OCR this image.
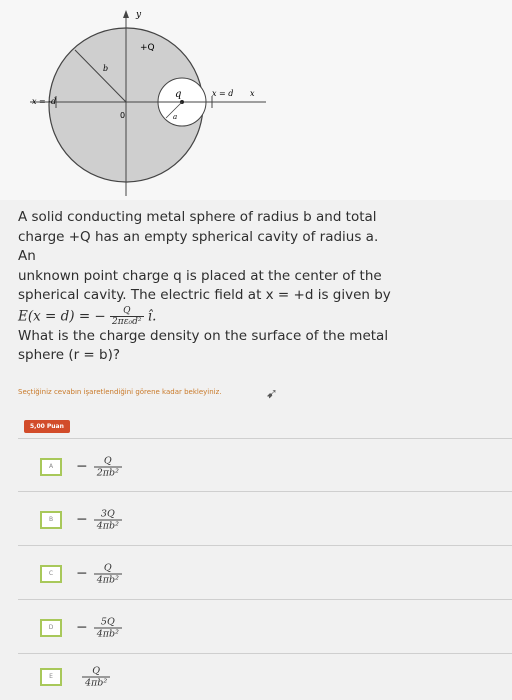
+Q
y
b
0
x = -d
x = d x
q
a
A solid conducting metal sphere of radius b and total
charge +Q has an empty spherical cavity of radius a. An
unknown point charge q is placed at the center of the
spherical cavity. The electric field at x = +d is given by
E(x = d) = − $\frac{Q}{\text{2πε₀d²}}$ î.
What is the charge density on the surface of the metal
sphere (r = b)?
Seçtiğiniz cevabın işaretlendiğini görene kadar bekleyiniz.	➹
5,00 Puan
A	− $\frac{Q}{\text{2πb²}}$
B	− $\frac{3Q}{\text{4πb²}}$
C	− $\frac{Q}{\text{4πb²}}$
D	− $\frac{5Q}{\text{4πb²}}$
E	$\frac{Q}{\text{4πb²}}$
